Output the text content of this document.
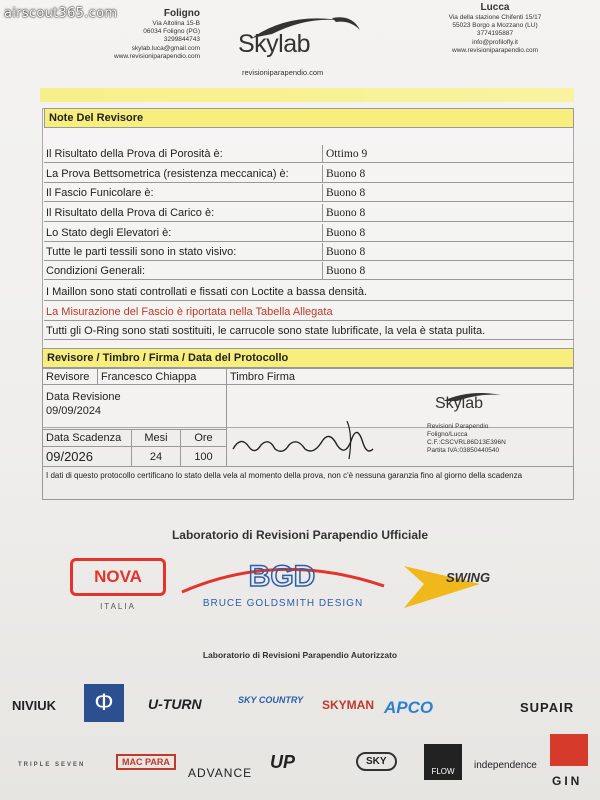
airscout365.com	Foligno
Via Altolina 15-B
06034 Foligno (PG)
3299844743
skylab.luca@gmail.com
www.revisioniparapendio.com Skylab
revisioniparapendio.com
Lucca
Via della stazione Chifenti 15/17
55023 Borgo a Mozzano (LU)
3774195887
info@profilofly.it
www.revisioniparapendio.com
Note Del Revisore
Il Risultato della Prova di Porosità è:	Ottimo 9
La Prova Bettsometrica (resistenza meccanica) è:	Buono 8
Il Fascio Funicolare è:	Buono 8
Il Risultato della Prova di Carico è:	Buono 8
Lo Stato degli Elevatori è:	Buono 8
Tutte le parti tessili sono in stato visivo:	Buono 8
Condizioni Generali:	Buono 8
I Maillon sono stati controllati e fissati con Loctite a bassa densità.
La Misurazione del Fascio è riportata nella Tabella Allegata
Tutti gli O-Ring sono stati sostituiti, le carrucole sono state lubrificate, la vela è stata pulita.
Revisore / Timbro / Firma / Data del Protocollo
Revisore	Francesco Chiappa	Timbro Firma
Data Revisione
09/09/2024
Data Scadenza	Mesi	Ore
09/2026	24	100
Skylab
Revisioni Parapendio
Foligno/Lucca
C.F.:CSCVRL86D13E396N
Partita IVA:03850440540
I dati di questo protocollo certificano lo stato della vela al momento della prova, non c'è nessuna garanzia fino al giorno della scadenza
Laboratorio di Revisioni Parapendio Ufficiale
NOVA
ITALIA
BGD
BRUCE GOLDSMITH DESIGN
SWING
Laboratorio di Revisioni Parapendio Autorizzato
NIVIUK	Φ	U-TURN	SKY COUNTRY SKYMAN APCO	SUPAIR
TRIPLE SEVEN	MAC PARA
ADVANCE
UP	SKY
FLOW
independence
GIN
